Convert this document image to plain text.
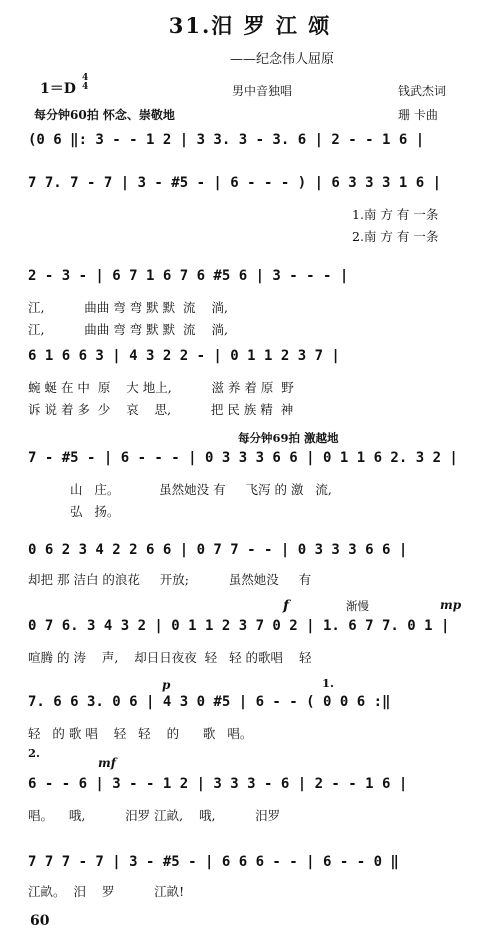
31.汨 罗 江 颂
——纪念伟人屈原
1＝D
4
4	男中音独唱	钱武杰词
每分钟60拍 怀念、崇敬地	珊 卡曲
(0 6 ‖: 3 - - 1 2 | 3 3. 3 - 3. 6 | 2 - - 1 6 |
7 7. 7 - 7 | 3 - #5 - | 6 - - - ) | 6 3 3 3 1 6 |
1.南 方 有 一条
2.南 方 有 一条
2 - 3 - | 6 7 1 6 7 6 #5 6 | 3 - - - |
江,          曲曲 弯 弯 默 默  流    淌,
江,          曲曲 弯 弯 默 默  流    淌,
6 1 6 6 3 | 4 3 2 2 - | 0 1 1 2 3 7 |
蜿 蜒 在 中  原    大 地上,          滋 养 着 原  野
诉 说 着 多  少    哀    思,          把 民 族 精  神
每分钟69拍 激越地
7 - #5 - | 6 - - - | 0 3 3 3 6 6 | 0 1 1 6 2. 3 2 |
山   庄。          虽然她没 有     飞泻 的 激   流,
弘   扬。
0 6 2 3 4 2 2 6 6 | 0 7 7 - - | 0 3 3 3 6 6 |
却把 那 洁白 的浪花     开放;          虽然她没     有
f	渐慢	mp
0 7 6. 3 4 3 2 | 0 1 1 2 3 7 0 2 | 1. 6 7 7. 0 1 |
喧腾 的 涛    声,    却日日夜夜  轻   轻 的歌唱    轻
p	1.
7. 6 6 3. 0 6 | 4 3 0 #5 | 6 - - ( 0 0 6 :‖
轻   的 歌 唱    轻   轻    的      歌   唱。
2.
mf
6 - - 6 | 3 - - 1 2 | 3 3 3 - 6 | 2 - - 1 6 |
唱。    哦,          汨罗 江畝,    哦,          汨罗
7 7 7 - 7 | 3 - #5 - | 6 6 6 - - | 6 - - 0 ‖
江畝。  汨    罗          江畝!
60
